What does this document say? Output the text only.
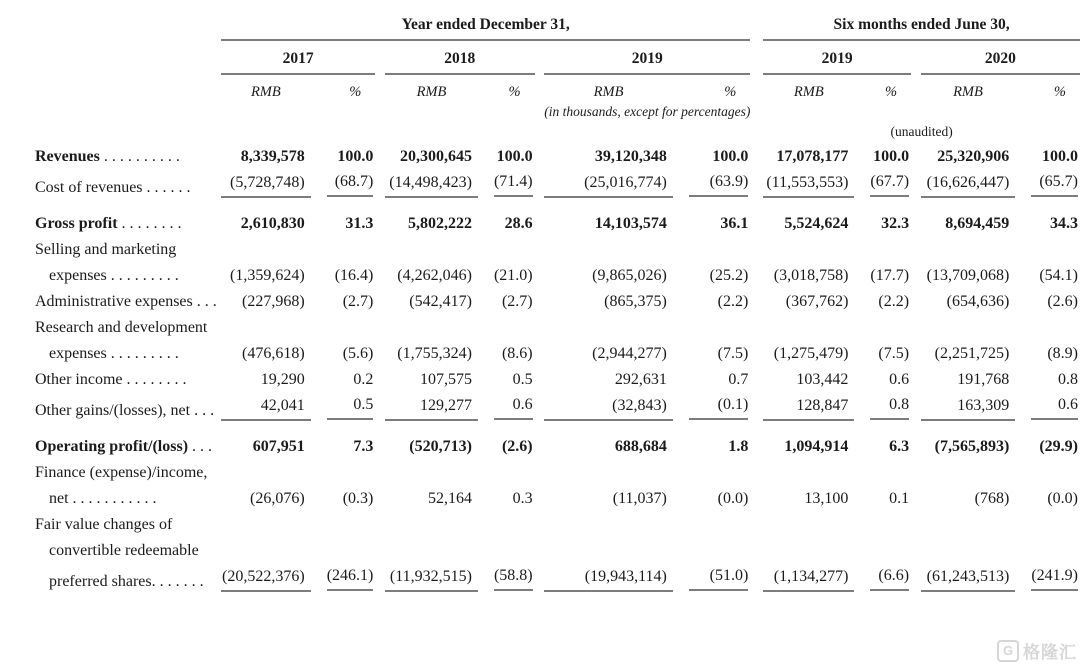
	Year ended December 31,									Six months ended June 30,				
	2017			2018			2019			2019			2020	
	RMB	%		RMB	%		RMB	%		RMB	%		RMB	%
							(in thousands, except for percentages)							
										(unaudited)				
Revenues . . . . . . . . . .	8,339,578	100.0		20,300,645	100.0		39,120,348	100.0		17,078,177	100.0		25,320,906	100.0
Cost of revenues . . . . . .	(5,728,748)	(68.7)		(14,498,423)	(71.4)		(25,016,774)	(63.9)		(11,553,553)	(67.7)		(16,626,447)	(65.7)

Gross profit . . . . . . . .	2,610,830	31.3		5,802,222	28.6		14,103,574	36.1		5,524,624	32.3		8,694,459	34.3
Selling and marketing														
expenses . . . . . . . . .	(1,359,624)	(16.4)		(4,262,046)	(21.0)		(9,865,026)	(25.2)		(3,018,758)	(17.7)		(13,709,068)	(54.1)
Administrative expenses . . .	(227,968)	(2.7)		(542,417)	(2.7)		(865,375)	(2.2)		(367,762)	(2.2)		(654,636)	(2.6)
Research and development														
expenses . . . . . . . . .	(476,618)	(5.6)		(1,755,324)	(8.6)		(2,944,277)	(7.5)		(1,275,479)	(7.5)		(2,251,725)	(8.9)
Other income . . . . . . . .	19,290	0.2		107,575	0.5		292,631	0.7		103,442	0.6		191,768	0.8
Other gains/(losses), net . . .	42,041	0.5		129,277	0.6		(32,843)	(0.1)		128,847	0.8		163,309	0.6

Operating profit/(loss) . . .	607,951	7.3		(520,713)	(2.6)		688,684	1.8		1,094,914	6.3		(7,565,893)	(29.9)
Finance (expense)/income,														
net . . . . . . . . . . .	(26,076)	(0.3)		52,164	0.3		(11,037)	(0.0)		13,100	0.1		(768)	(0.0)
Fair value changes of														
convertible redeemable														
preferred shares. . . . . . .	(20,522,376)	(246.1)		(11,932,515)	(58.8)		(19,943,114)	(51.0)		(1,134,277)	(6.6)		(61,243,513)	(241.9)
G 格隆汇
